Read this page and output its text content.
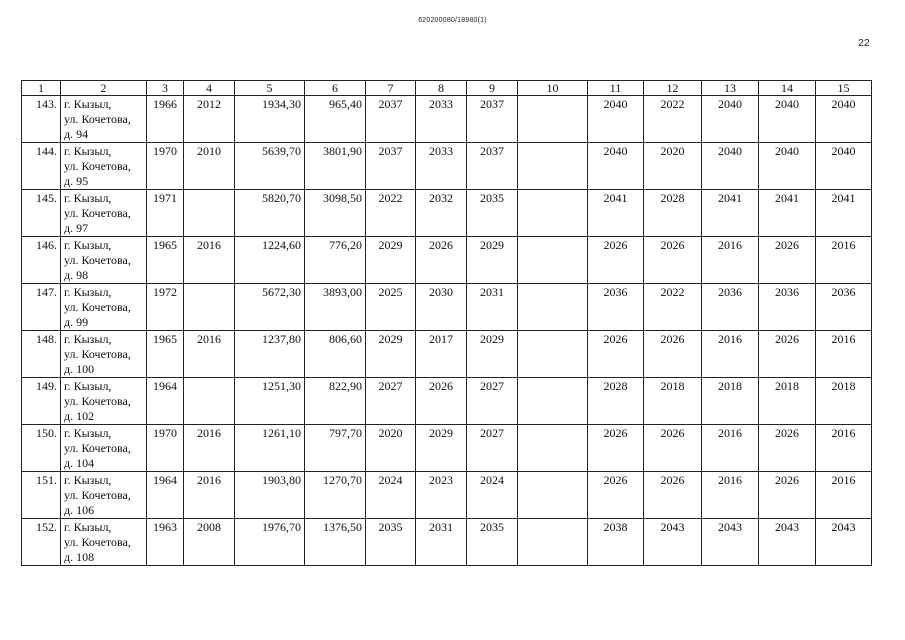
620200080/18980(1)
22
1	2	3	4	5	6	7	8	9	10	11	12	13	14	15
143.	г. Кызыл,
ул. Кочетова,
д. 94	1966	2012	1934,30	965,40	2037	2033	2037		2040	2022	2040	2040	2040
144.	г. Кызыл,
ул. Кочетова,
д. 95	1970	2010	5639,70	3801,90	2037	2033	2037		2040	2020	2040	2040	2040
145.	г. Кызыл,
ул. Кочетова,
д. 97	1971		5820,70	3098,50	2022	2032	2035		2041	2028	2041	2041	2041
146.	г. Кызыл,
ул. Кочетова,
д. 98	1965	2016	1224,60	776,20	2029	2026	2029		2026	2026	2016	2026	2016
147.	г. Кызыл,
ул. Кочетова,
д. 99	1972		5672,30	3893,00	2025	2030	2031		2036	2022	2036	2036	2036
148.	г. Кызыл,
ул. Кочетова,
д. 100	1965	2016	1237,80	806,60	2029	2017	2029		2026	2026	2016	2026	2016
149.	г. Кызыл,
ул. Кочетова,
д. 102	1964		1251,30	822,90	2027	2026	2027		2028	2018	2018	2018	2018
150.	г. Кызыл,
ул. Кочетова,
д. 104	1970	2016	1261,10	797,70	2020	2029	2027		2026	2026	2016	2026	2016
151.	г. Кызыл,
ул. Кочетова,
д. 106	1964	2016	1903,80	1270,70	2024	2023	2024		2026	2026	2016	2026	2016
152.	г. Кызыл,
ул. Кочетова,
д. 108	1963	2008	1976,70	1376,50	2035	2031	2035		2038	2043	2043	2043	2043
